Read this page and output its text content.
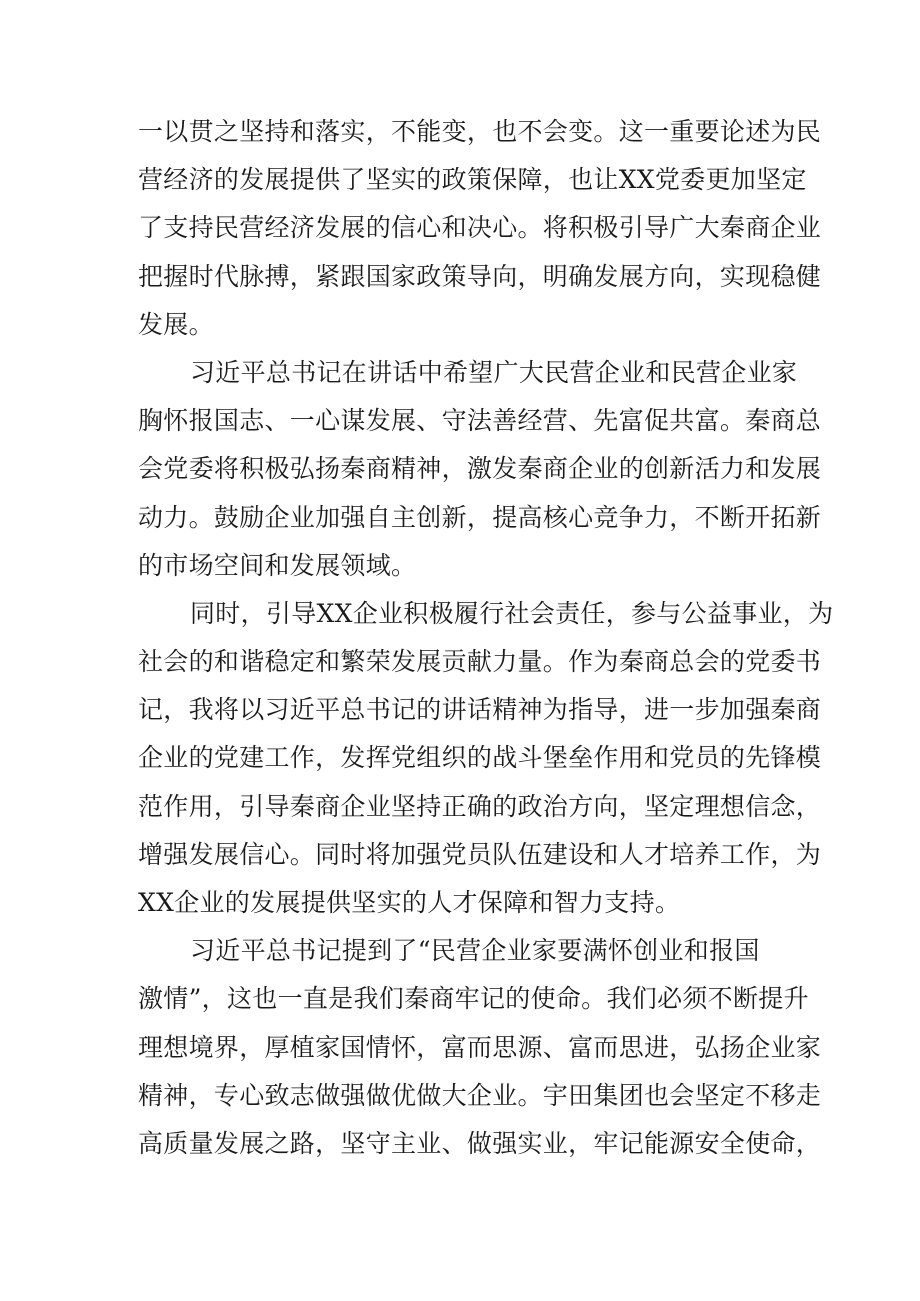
一以贯之坚持和落实，不能变，也不会变。这一重要论述为民
营经济的发展提供了坚实的政策保障，也让XX党委更加坚定
了支持民营经济发展的信心和决心。将积极引导广大秦商企业
把握时代脉搏，紧跟国家政策导向，明确发展方向，实现稳健
发展。
习近平总书记在讲话中希望广大民营企业和民营企业家
胸怀报国志、一心谋发展、守法善经营、先富促共富。秦商总
会党委将积极弘扬秦商精神，激发秦商企业的创新活力和发展
动力。鼓励企业加强自主创新，提高核心竞争力，不断开拓新
的市场空间和发展领域。
同时，引导XX企业积极履行社会责任，参与公益事业，为
社会的和谐稳定和繁荣发展贡献力量。作为秦商总会的党委书
记，我将以习近平总书记的讲话精神为指导，进一步加强秦商
企业的党建工作，发挥党组织的战斗堡垒作用和党员的先锋模
范作用，引导秦商企业坚持正确的政治方向，坚定理想信念，
增强发展信心。同时将加强党员队伍建设和人才培养工作，为
XX企业的发展提供坚实的人才保障和智力支持。
习近平总书记提到了“民营企业家要满怀创业和报国
激情”，这也一直是我们秦商牢记的使命。我们必须不断提升
理想境界，厚植家国情怀，富而思源、富而思进，弘扬企业家
精神，专心致志做强做优做大企业。宇田集团也会坚定不移走
高质量发展之路，坚守主业、做强实业，牢记能源安全使命，
